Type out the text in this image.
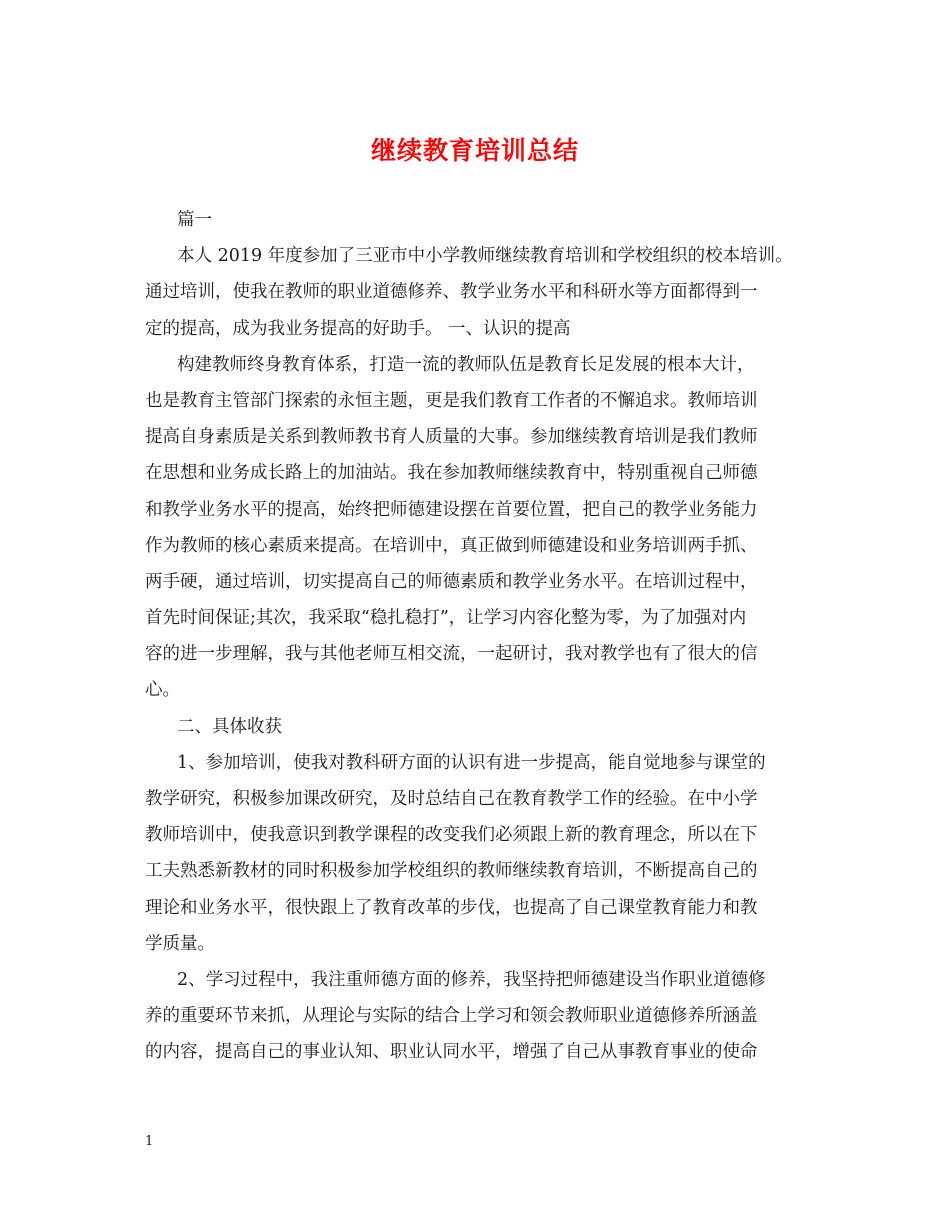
继续教育培训总结
篇一
本人 2019 年度参加了三亚市中小学教师继续教育培训和学校组织的校本培训。
通过培训，使我在教师的职业道德修养、教学业务水平和科研水等方面都得到一
定的提高，成为我业务提高的好助手。 一、认识的提高
构建教师终身教育体系，打造一流的教师队伍是教育长足发展的根本大计，
也是教育主管部门探索的永恒主题，更是我们教育工作者的不懈追求。教师培训
提高自身素质是关系到教师教书育人质量的大事。参加继续教育培训是我们教师
在思想和业务成长路上的加油站。我在参加教师继续教育中，特别重视自己师德
和教学业务水平的提高，始终把师德建设摆在首要位置，把自己的教学业务能力
作为教师的核心素质来提高。在培训中，真正做到师德建设和业务培训两手抓、
两手硬，通过培训，切实提高自己的师德素质和教学业务水平。在培训过程中，
首先时间保证;其次，我采取“稳扎稳打”，让学习内容化整为零，为了加强对内
容的进一步理解，我与其他老师互相交流，一起研讨，我对教学也有了很大的信
心。
二、具体收获
1、参加培训，使我对教科研方面的认识有进一步提高，能自觉地参与课堂的
教学研究，积极参加课改研究，及时总结自己在教育教学工作的经验。在中小学
教师培训中，使我意识到教学课程的改变我们必须跟上新的教育理念，所以在下
工夫熟悉新教材的同时积极参加学校组织的教师继续教育培训，不断提高自己的
理论和业务水平，很快跟上了教育改革的步伐，也提高了自己课堂教育能力和教
学质量。
2、学习过程中，我注重师德方面的修养，我坚持把师德建设当作职业道德修
养的重要环节来抓，从理论与实际的结合上学习和领会教师职业道德修养所涵盖
的内容，提高自己的事业认知、职业认同水平，增强了自己从事教育事业的使命
1
